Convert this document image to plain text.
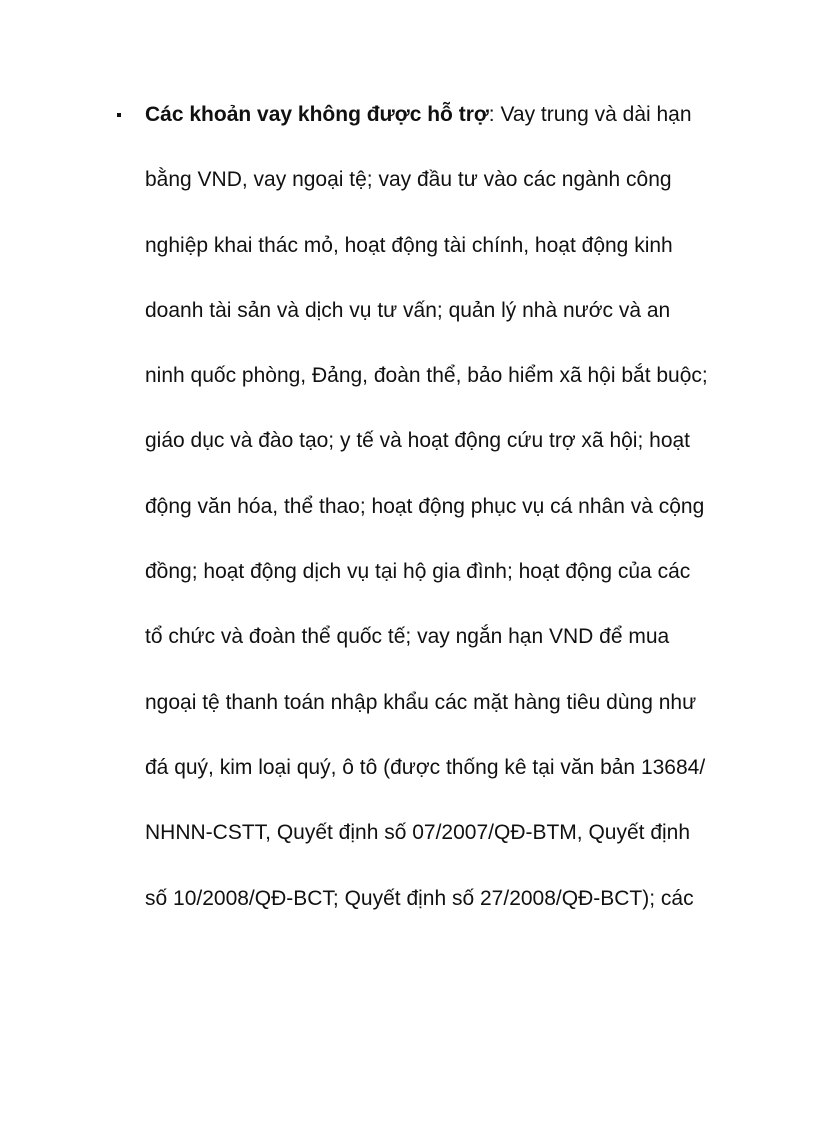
Các khoản vay không được hỗ trợ: Vay trung và dài hạn
bằng VND, vay ngoại tệ; vay đầu tư vào các ngành công
nghiệp khai thác mỏ, hoạt động tài chính, hoạt động kinh
doanh tài sản và dịch vụ tư vấn; quản lý nhà nước và an
ninh quốc phòng, Đảng, đoàn thể, bảo hiểm xã hội bắt buộc;
giáo dục và đào tạo; y tế và hoạt động cứu trợ xã hội; hoạt
động văn hóa, thể thao; hoạt động phục vụ cá nhân và cộng
đồng; hoạt động dịch vụ tại hộ gia đình; hoạt động của các
tổ chức và đoàn thể quốc tế; vay ngắn hạn VND để mua
ngoại tệ thanh toán nhập khẩu các mặt hàng tiêu dùng như
đá quý, kim loại quý, ô tô (được thống kê tại văn bản 13684/
NHNN-CSTT, Quyết định số 07/2007/QĐ-BTM, Quyết định
số 10/2008/QĐ-BCT; Quyết định số 27/2008/QĐ-BCT); các
